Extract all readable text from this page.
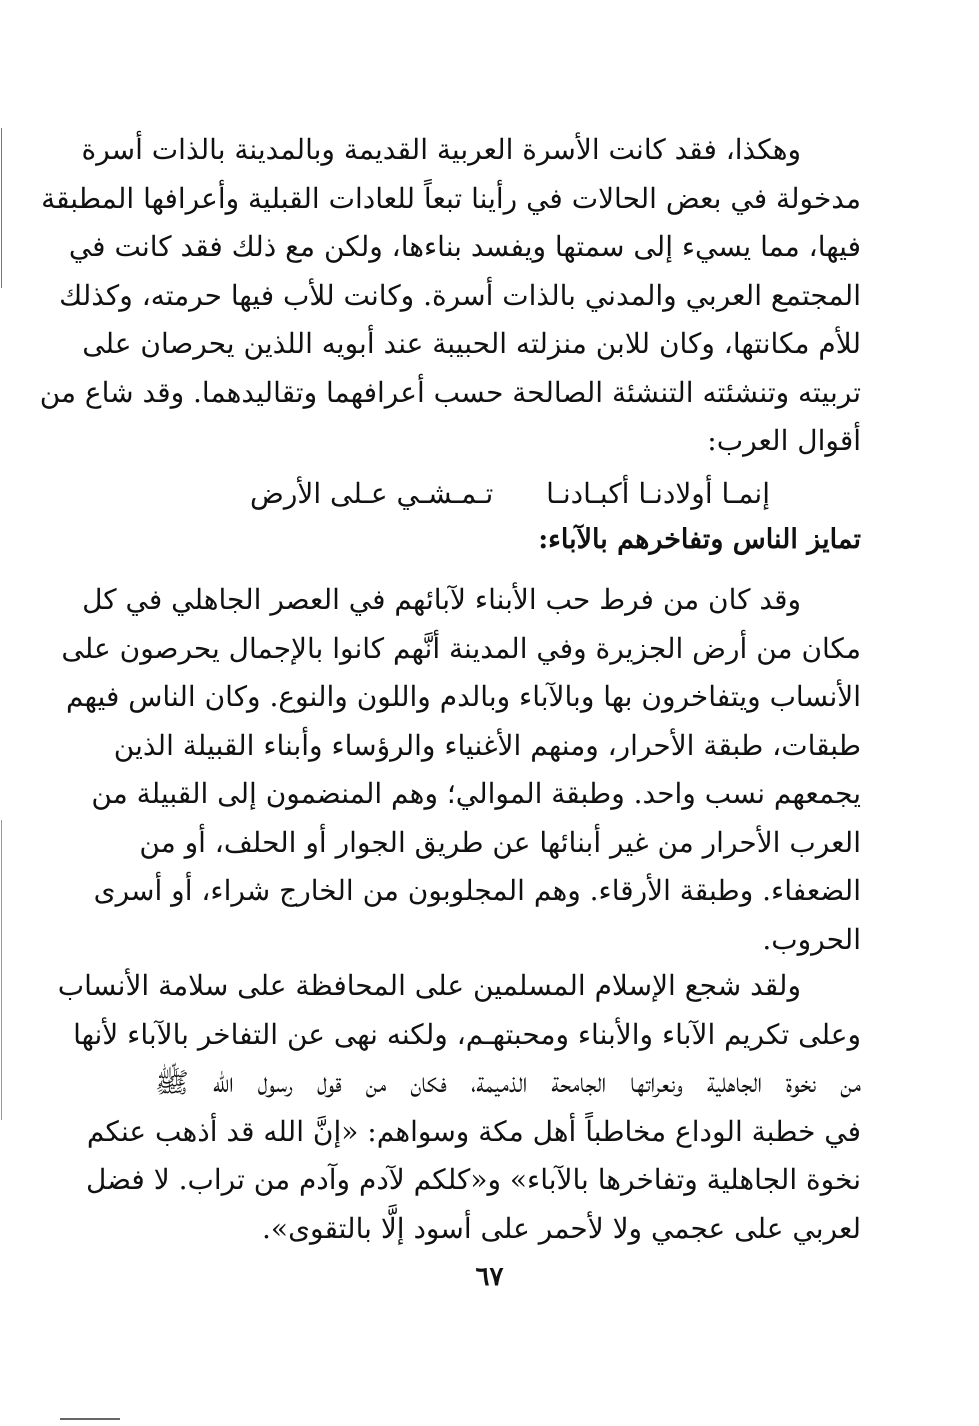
وهكذا، فقد كانت الأسرة العربية القديمة وبالمدينة بالذات أسرة
مدخولة في بعض الحالات في رأينا تبعاً للعادات القبلية وأعرافها المطبقة
فيها، مما يسيء إلى سمتها ويفسد بناءها، ولكن مع ذلك فقد كانت في
المجتمع العربي والمدني بالذات أسرة. وكانت للأب فيها حرمته، وكذلك
للأم مكانتها، وكان للابن منزلته الحبيبة عند أبويه اللذين يحرصان على
تربيته وتنشئته التنشئة الصالحة حسب أعرافهما وتقاليدهما. وقد شاع من
أقوال العرب:
إنمـا أولادنـا أكبـادنـا
تـمـشـي عـلى الأرض
تمايز الناس وتفاخرهم بالآباء:
وقد كان من فرط حب الأبناء لآبائهم في العصر الجاهلي في كل
مكان من أرض الجزيرة وفي المدينة أنَّهم كانوا بالإجمال يحرصون على
الأنساب ويتفاخرون بها وبالآباء وبالدم واللون والنوع. وكان الناس فيهم
طبقات، طبقة الأحرار، ومنهم الأغنياء والرؤساء وأبناء القبيلة الذين
يجمعهم نسب واحد. وطبقة الموالي؛ وهم المنضمون إلى القبيلة من
العرب الأحرار من غير أبنائها عن طريق الجوار أو الحلف، أو من
الضعفاء. وطبقة الأرقاء. وهم المجلوبون من الخارج شراء، أو أسرى
الحروب.
ولقد شجع الإسلام المسلمين على المحافظة على سلامة الأنساب
وعلى تكريم الآباء والأبناء ومحبتهـم، ولكنه نهى عن التفاخر بالآباء لأنها
من نخوة الجاهلية ونعراتها الجامحة الذميمة، فكان من قول رسول الله ﷺ
في خطبة الوداع مخاطباً أهل مكة وسواهم: «إنَّ الله قد أذهب عنكم
نخوة الجاهلية وتفاخرها بالآباء» و«كلكم لآدم وآدم من تراب. لا فضل
لعربي على عجمي ولا لأحمر على أسود إلَّا بالتقوى».
٦٧
